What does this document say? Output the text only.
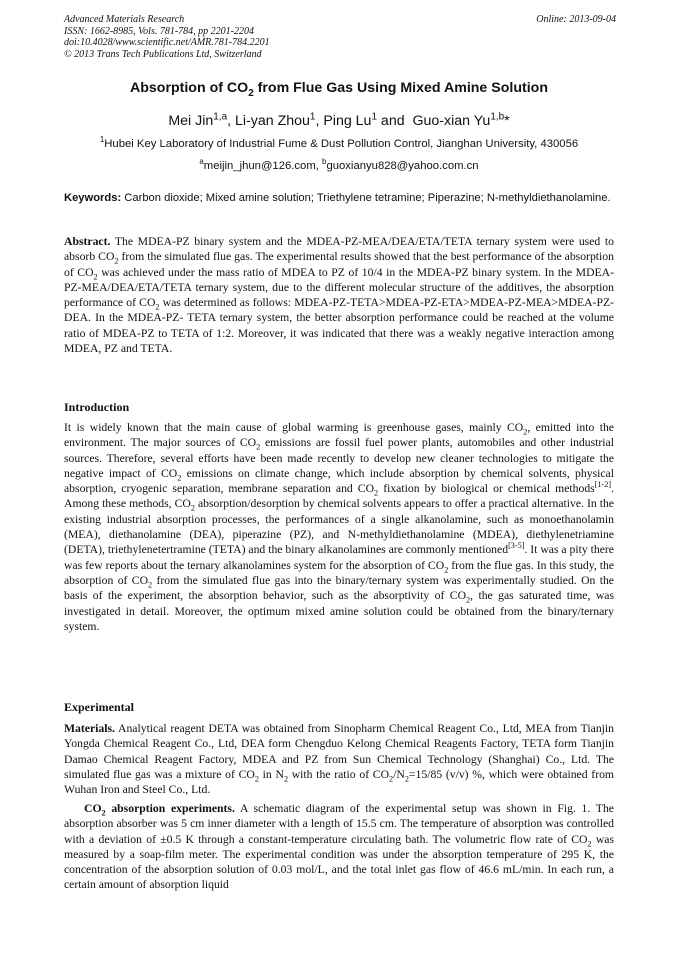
Online: 2013-09-04
Advanced Materials Research
ISSN: 1662-8985, Vols. 781-784, pp 2201-2204
doi:10.4028/www.scientific.net/AMR.781-784.2201
© 2013 Trans Tech Publications Ltd, Switzerland
Absorption of $CO_2$ from Flue Gas Using Mixed Amine Solution
Mei Jin$^{1,a}$, Li-yan Zhou$^1$, Ping Lu$^1$ and  Guo-xian Yu$^{1,b}$*
$^1$Hubei Key Laboratory of Industrial Fume & Dust Pollution Control, Jianghan University, 430056
$^a$meijin_jhun@126.com, $^b$guoxianyu828@yahoo.com.cn
Keywords: Carbon dioxide; Mixed amine solution; Triethylene tetramine; Piperazine; N-methyldiethanolamine.
Abstract. The MDEA-PZ binary system and the MDEA-PZ-MEA/DEA/ETA/TETA ternary system were used to absorb $CO_2$ from the simulated flue gas. The experimental results showed that the best performance of the absorption of $CO_2$ was achieved under the mass ratio of MDEA to PZ of 10/4 in the MDEA-PZ binary system. In the MDEA-PZ-MEA/DEA/ETA/TETA ternary system, due to the different molecular structure of the additives, the absorption performance of $CO_2$ was determined as follows: MDEA-PZ-TETA>MDEA-PZ-ETA>MDEA-PZ-MEA>MDEA-PZ-DEA. In the MDEA-PZ- TETA ternary system, the better absorption performance could be reached at the volume ratio of MDEA-PZ to TETA of 1:2. Moreover, it was indicated that there was a weakly negative interaction among MDEA, PZ and TETA.
Introduction
It is widely known that the main cause of global warming is greenhouse gases, mainly $CO_2$, emitted into the environment. The major sources of $CO_2$ emissions are fossil fuel power plants, automobiles and other industrial sources. Therefore, several efforts have been made recently to develop new cleaner technologies to mitigate the negative impact of $CO_2$ emissions on climate change, which include absorption by chemical solvents, physical absorption, cryogenic separation, membrane separation and $CO_2$ fixation by biological or chemical methods[1-2]. Among these methods, $CO_2$ absorption/desorption by chemical solvents appears to offer a practical alternative. In the existing industrial absorption processes, the performances of a single alkanolamine, such as monoethanolamin (MEA), diethanolamine (DEA), piperazine (PZ), and N-methyldiethanolamine (MDEA), diethylenetriamine (DETA), triethylenetertramine (TETA) and the binary alkanolamines are commonly mentioned[3-5]. It was a pity there was few reports about the ternary alkanolamines system for the absorption of $CO_2$ from the flue gas. In this study, the absorption of $CO_2$ from the simulated flue gas into the binary/ternary system was experimentally studied. On the basis of the experiment, the absorption behavior, such as the absorptivity of $CO_2$, the gas saturated time, was investigated in detail. Moreover, the optimum mixed amine solution could be obtained from the binary/ternary system.
Experimental
Materials. Analytical reagent DETA was obtained from Sinopharm Chemical Reagent Co., Ltd, MEA from Tianjin Yongda Chemical Reagent Co., Ltd, DEA form Chengduo Kelong Chemical Reagents Factory, TETA form Tianjin Damao Chemical Reagent Factory, MDEA and PZ from Sun Chemical Technology (Shanghai) Co., Ltd. The simulated flue gas was a mixture of $CO_2$ in $N_2$ with the ratio of $CO_2/N_2=15/85$ (v/v) %, which were obtained from Wuhan Iron and Steel Co., Ltd.
$CO_2$ absorption experiments. A schematic diagram of the experimental setup was shown in Fig. 1. The absorption absorber was 5 cm inner diameter with a length of 15.5 cm. The temperature of absorption was controlled with a deviation of ±0.5 K through a constant-temperature circulating bath. The volumetric flow rate of $CO_2$ was measured by a soap-film meter. The experimental condition was under the absorption temperature of 295 K, the concentration of the absorption solution of 0.03 mol/L, and the total inlet gas flow of 46.6 mL/min. In each run, a certain amount of absorption liquid
